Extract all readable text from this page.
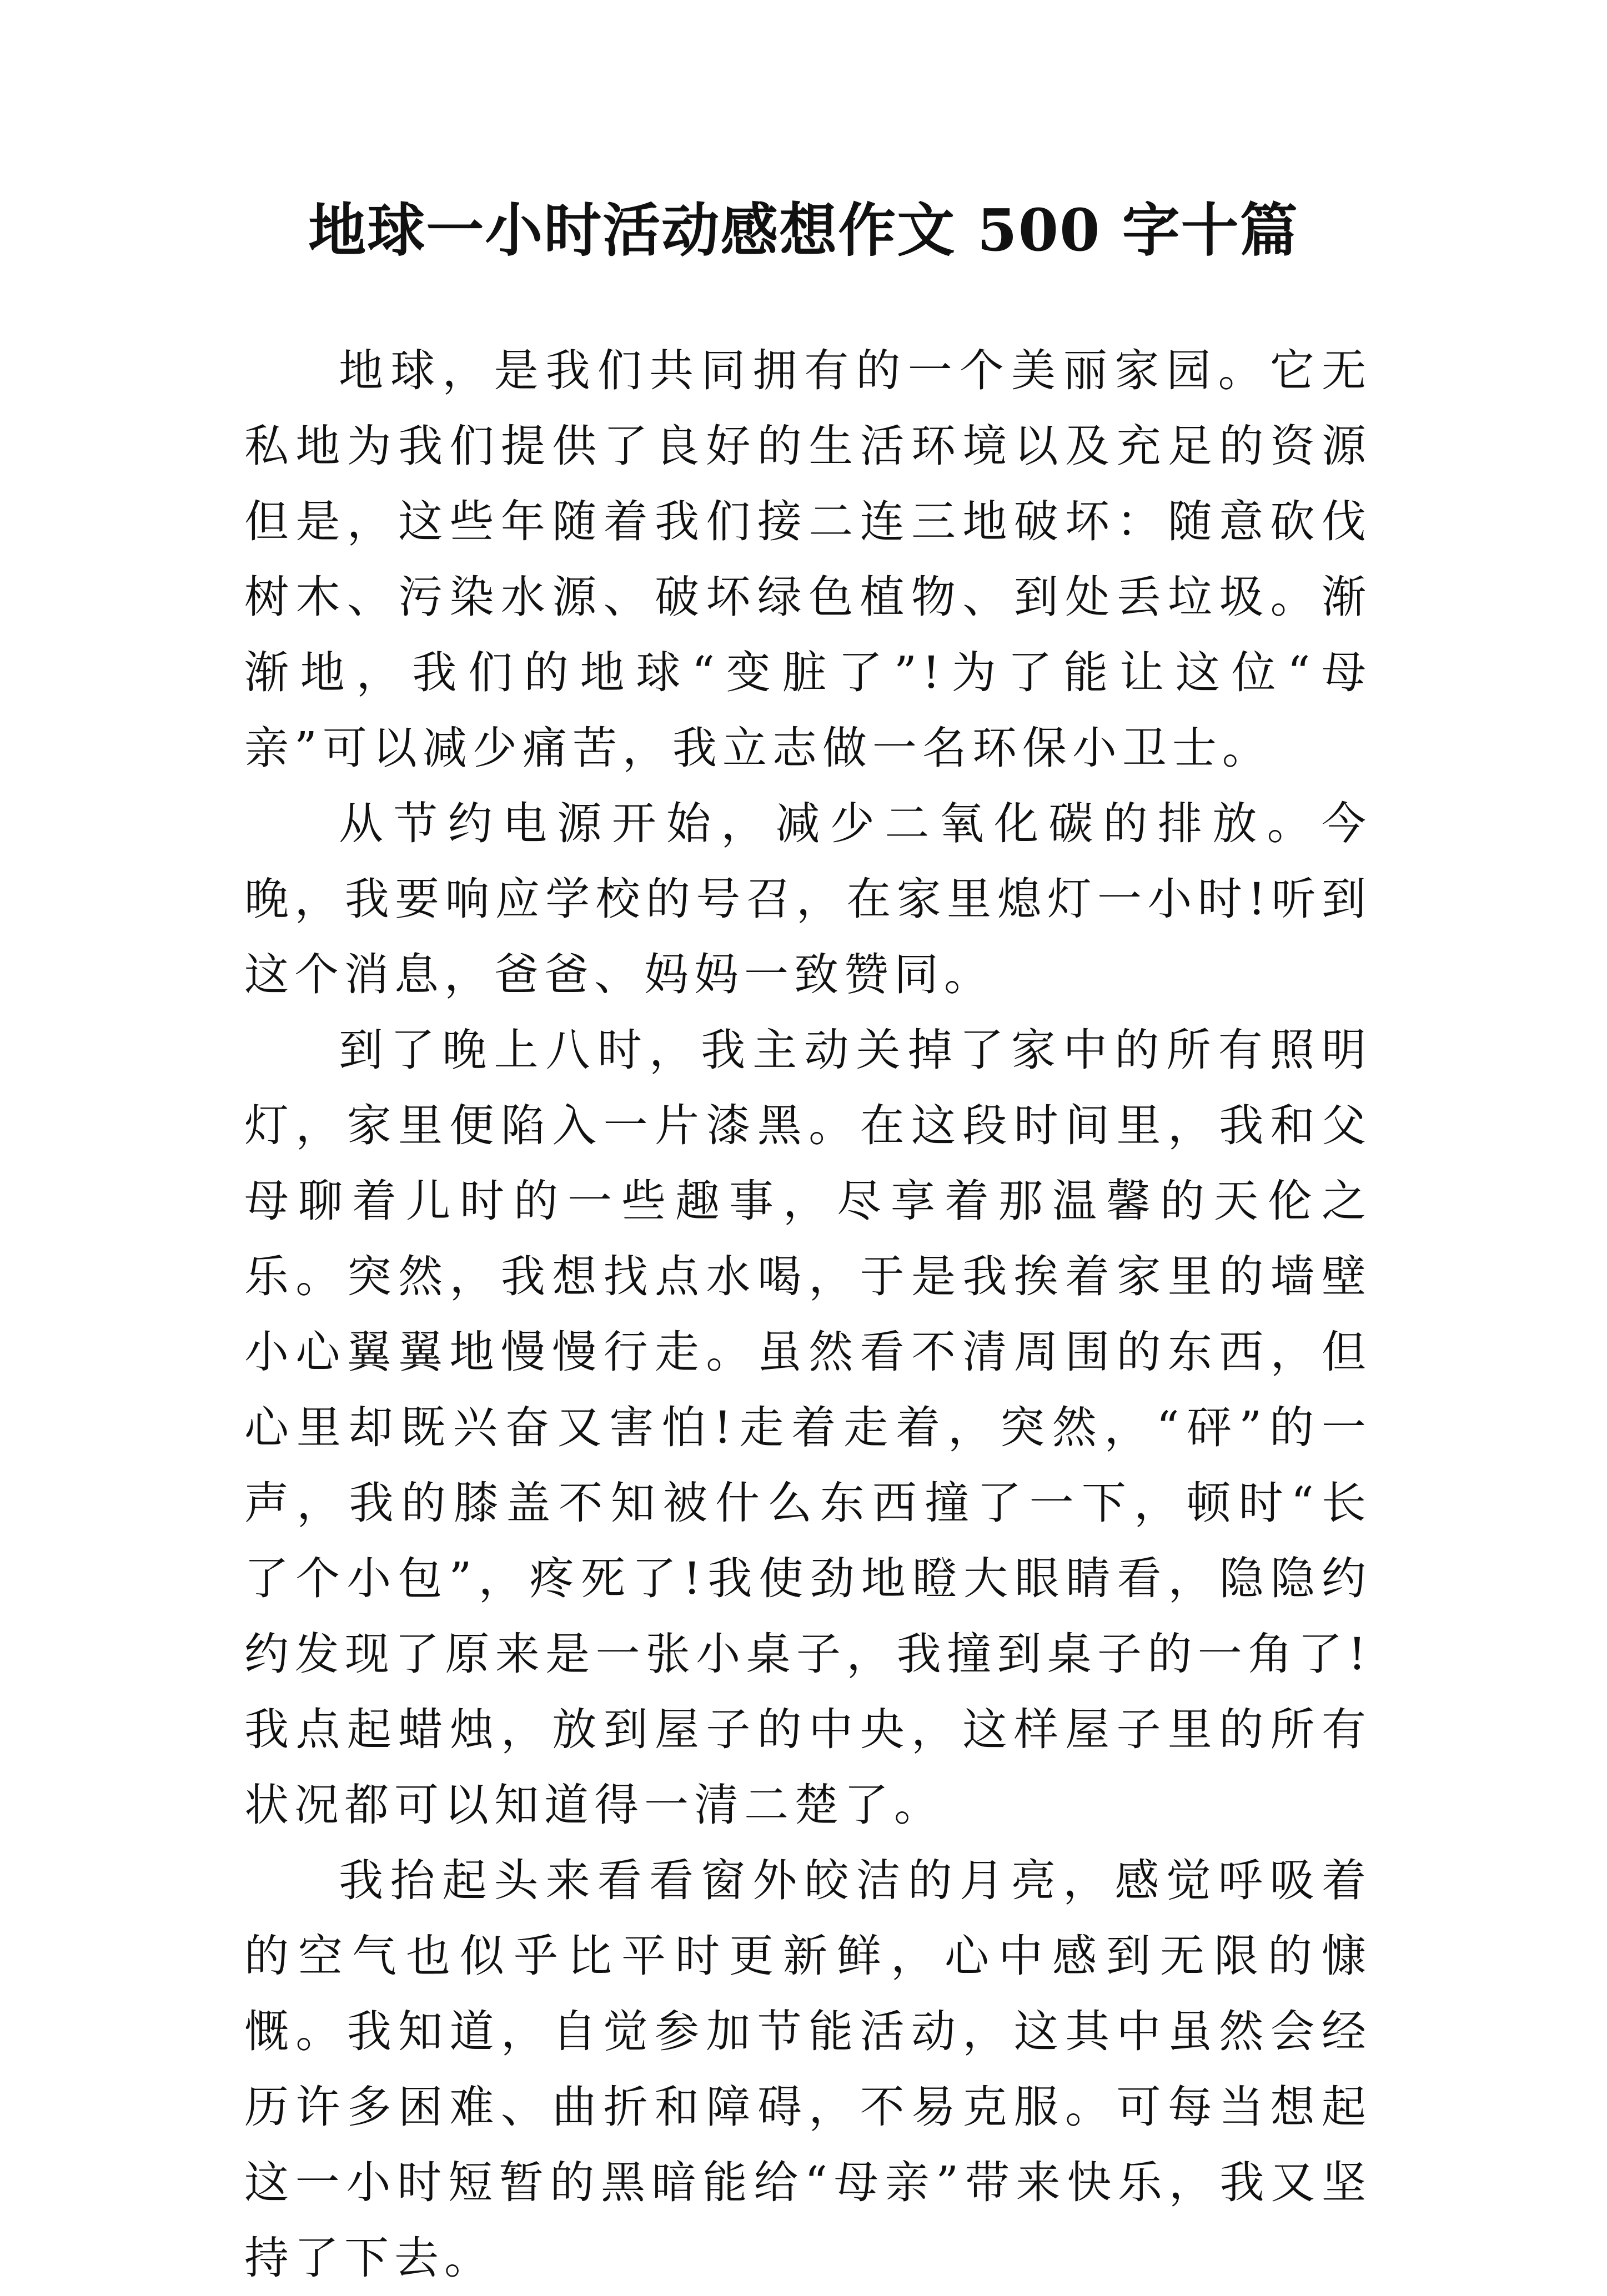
地球一小时活动感想作文 500 字十篇

地球，是我们共同拥有的一个美丽家园。它无私地为我们提供了良好的生活环境以及充足的资源但是，这些年随着我们接二连三地破坏：随意砍伐树木、污染水源、破坏绿色植物、到处丢垃圾。渐渐地，我们的地球“变脏了”!为了能让这位“母亲”可以减少痛苦，我立志做一名环保小卫士。

从节约电源开始，减少二氧化碳的排放。今晚，我要响应学校的号召，在家里熄灯一小时!听到这个消息，爸爸、妈妈一致赞同。

到了晚上八时，我主动关掉了家中的所有照明灯，家里便陷入一片漆黑。在这段时间里，我和父母聊着儿时的一些趣事，尽享着那温馨的天伦之乐。突然，我想找点水喝，于是我挨着家里的墙壁小心翼翼地慢慢行走。虽然看不清周围的东西，但心里却既兴奋又害怕!走着走着，突然，“砰”的一声，我的膝盖不知被什么东西撞了一下，顿时“长了个小包”，疼死了!我使劲地瞪大眼睛看，隐隐约约发现了原来是一张小桌子，我撞到桌子的一角了!我点起蜡烛，放到屋子的中央，这样屋子里的所有状况都可以知道得一清二楚了。

我抬起头来看看窗外皎洁的月亮，感觉呼吸着的空气也似乎比平时更新鲜，心中感到无限的慷慨。我知道，自觉参加节能活动，这其中虽然会经历许多困难、曲折和障碍，不易克服。可每当想起这一小时短暂的黑暗能给“母亲”带来快乐，我又坚持了下去。
